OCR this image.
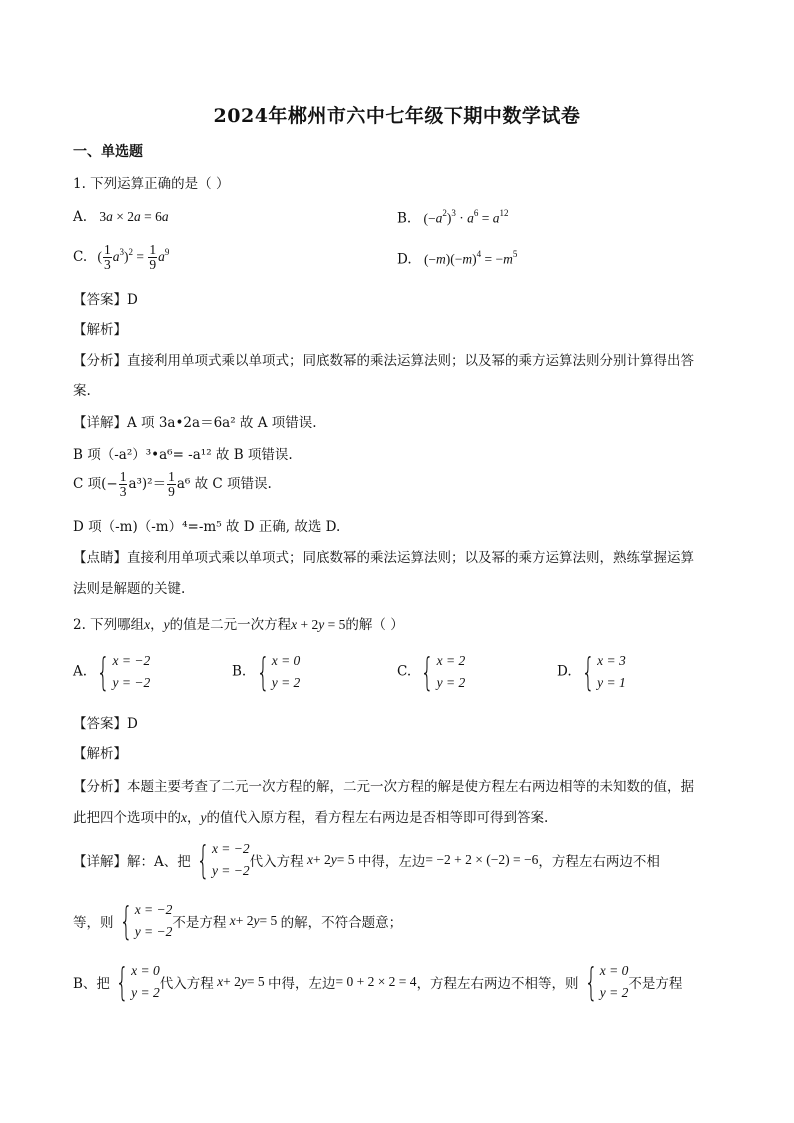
2024年郴州市六中七年级下期中数学试卷
一、单选题
1. 下列运算正确的是（ ）
A. 3a × 2a = 6a	B. $(-a^2)^3 \cdot a^6 = a^{12}$
C. ( $\frac{1}{3} a^3)^2 = \frac{1}{9} a^9$	D. $(-m)(-m)^4 = -m^5$
【答案】D
【解析】
【分析】直接利用单项式乘以单项式；同底数幂的乘法运算法则；以及幂的乘方运算法则分别计算得出答
案.
【详解】A 项 3a•2a＝6a² 故 A 项错误.
B 项（-a²）³•a⁶= -a¹² 故 B 项错误.
C 项(− $\frac{1}{3} a^3)^2= \frac{1}{9} a^6$ 故 C 项错误.
D 项（-m)（-m）⁴=-m⁵ 故 D 正确, 故选 D.
【点睛】直接利用单项式乘以单项式；同底数幂的乘法运算法则；以及幂的乘方运算法则，熟练掌握运算
法则是解题的关键.
2. 下列哪组x，y的值是二元一次方程x + 2y = 5的解（ ）
A. { x = −2
y = −2
B. { x = 0
y = 2
C. { x = 2
y = 2
D. { x = 3
y = 1
【答案】D
【解析】
【分析】本题主要考查了二元一次方程的解，二元一次方程的解是使方程左右两边相等的未知数的值，据
此把四个选项中的x，y的值代入原方程，看方程左右两边是否相等即可得到答案.
【详解】解：A、把 { x = −2
y = −2
代入方程 x + 2 y = 5 中得，左边 = −2 + 2 × (−2) = −6 ，方程左右两边不相
等，则 { x = −2
y = −2
不是方程 x + 2 y = 5 的解，不符合题意；
B、把 { x = 0
y = 2
代入方程 x + 2 y = 5 中得，左边 = 0 + 2 × 2 = 4 ，方程左右两边不相等，则 { x = 0
y = 2
不是方程
